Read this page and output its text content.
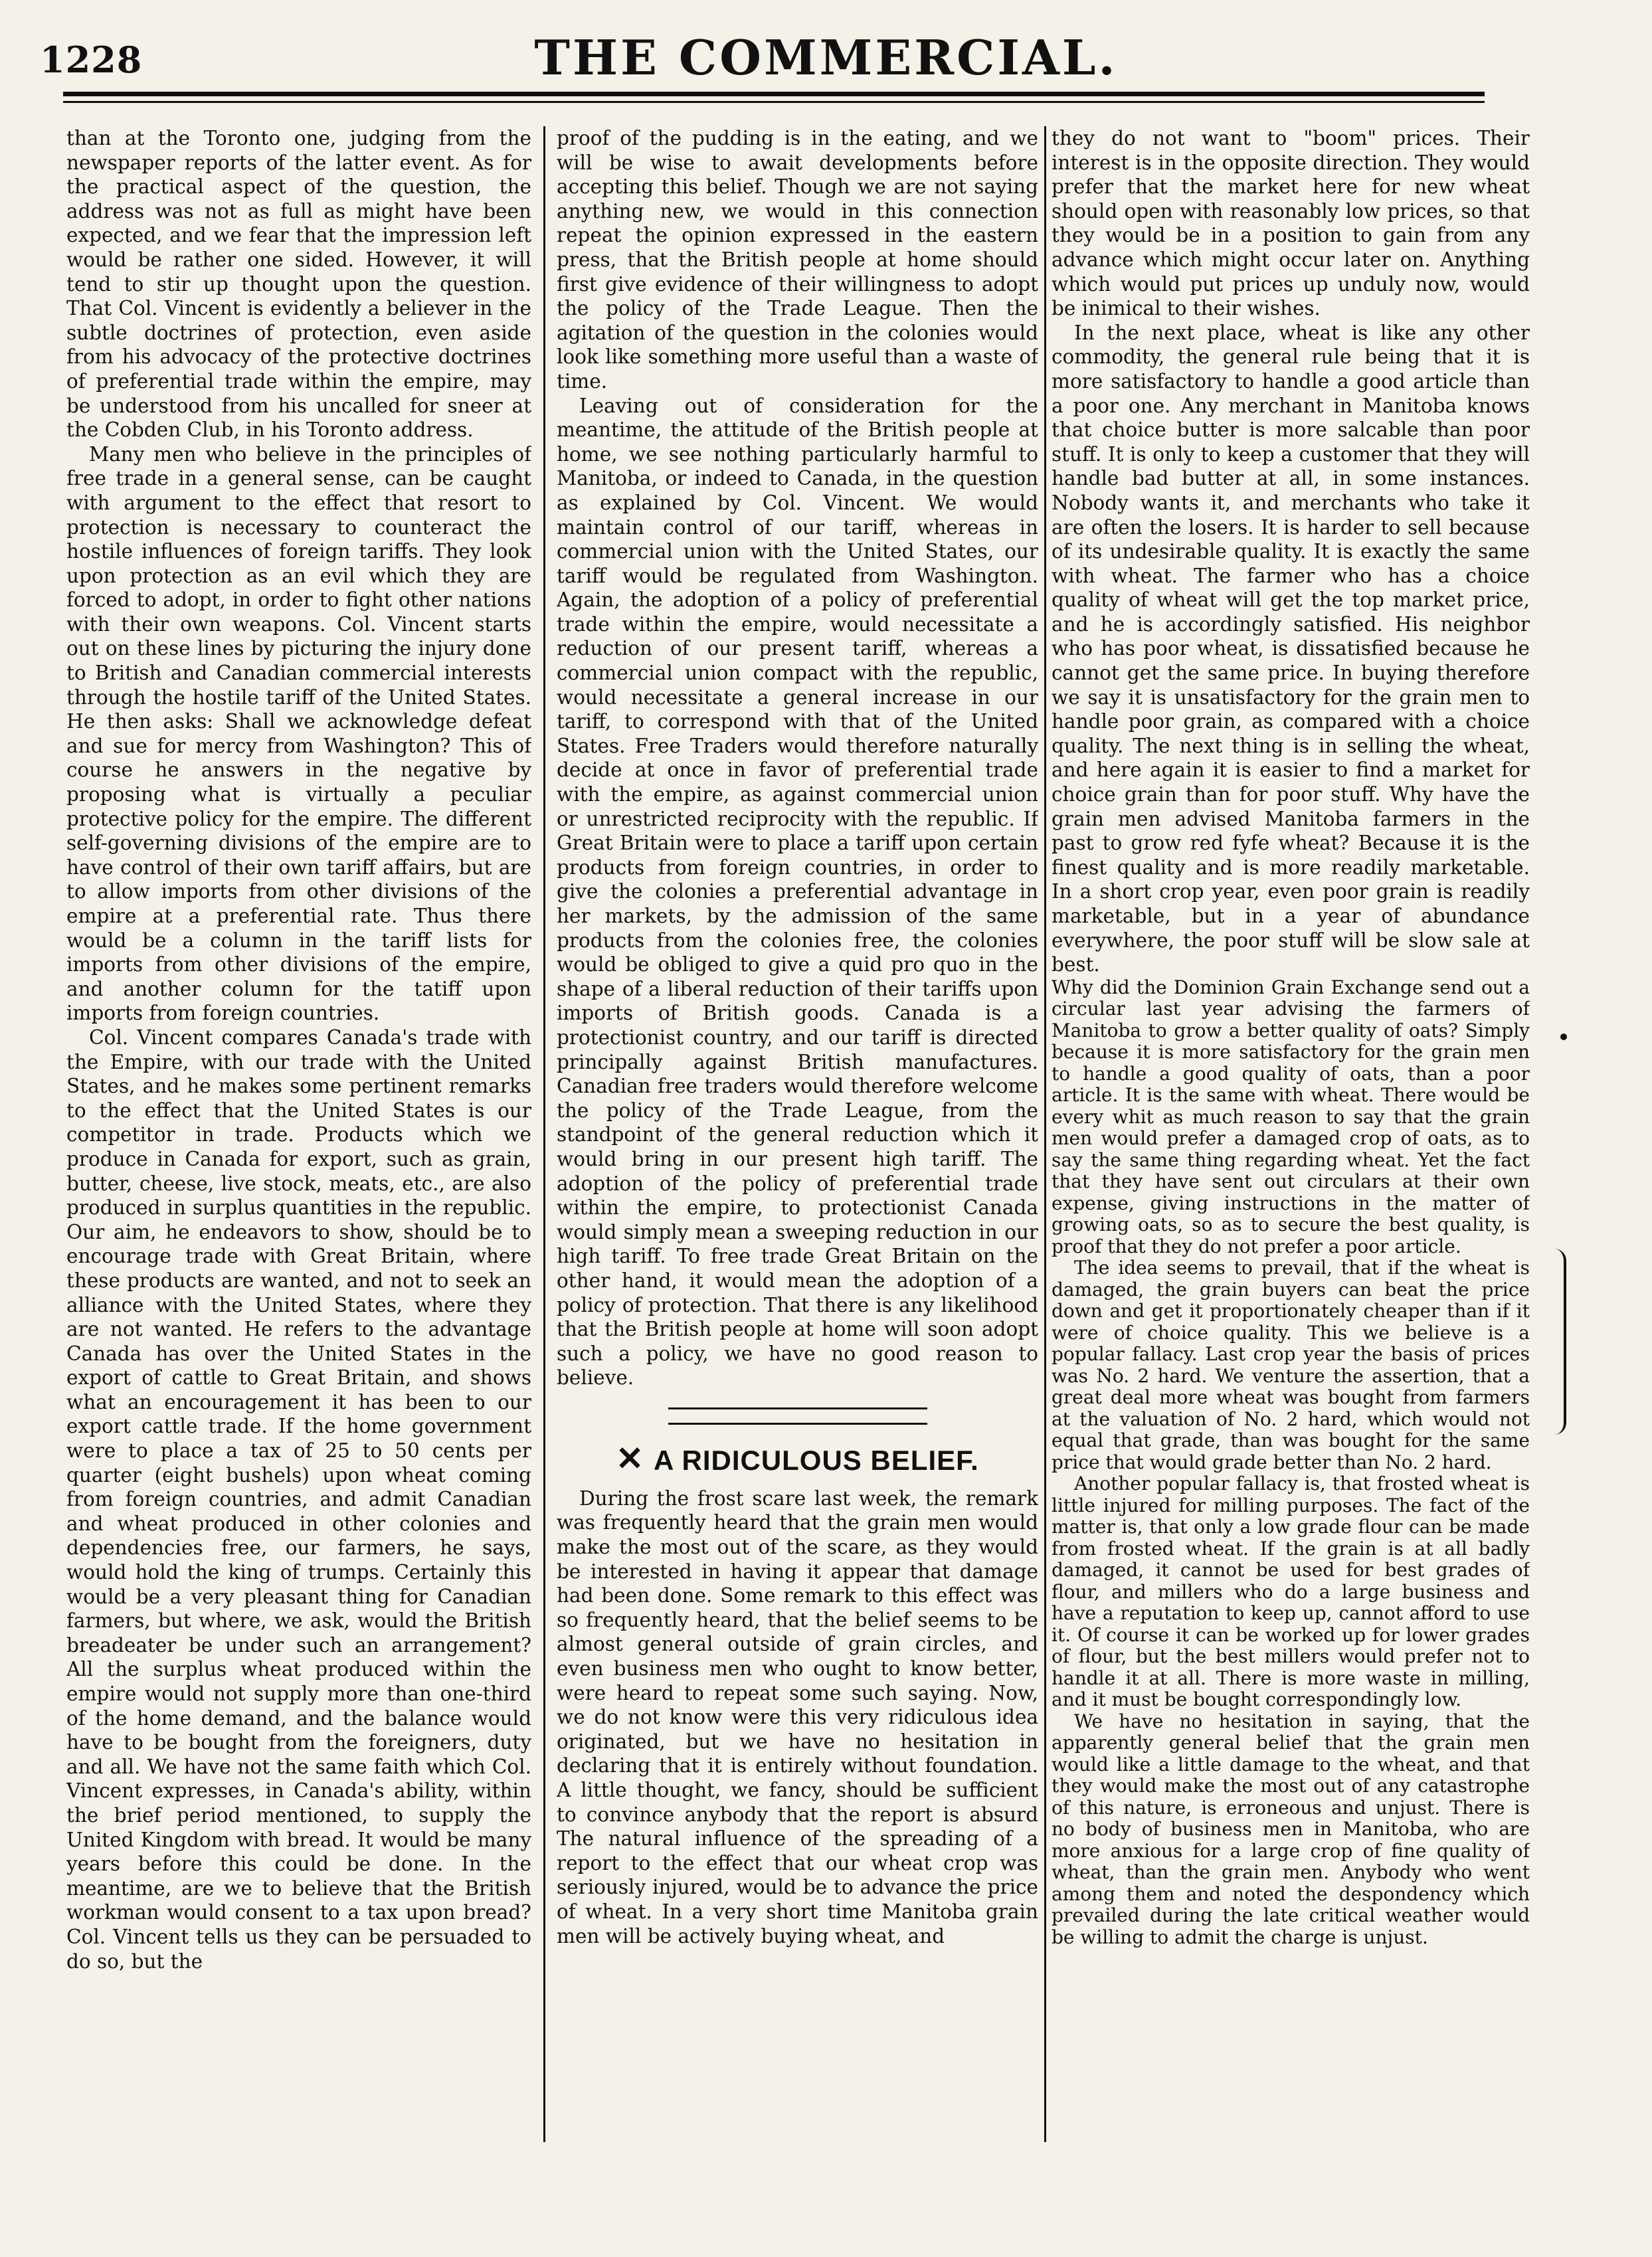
1228	THE COMMERCIAL.

than at the Toronto one, judging from the newspaper reports of the latter event. As for the practical aspect of the question, the address was not as full as might have been expected, and we fear that the impression left would be rather one sided. However, it will tend to stir up thought upon the question. That Col. Vincent is evidently a believer in the subtle doctrines of protection, even aside from his advocacy of the protective doctrines of preferential trade within the empire, may be understood from his uncalled for sneer at the Cobden Club, in his Toronto address.

Many men who believe in the principles of free trade in a general sense, can be caught with argument to the effect that resort to protection is necessary to counteract the hostile influences of foreign tariffs. They look upon protection as an evil which they are forced to adopt, in order to fight other nations with their own weapons. Col. Vincent starts out on these lines by picturing the injury done to British and Canadian commercial interests through the hostile tariff of the United States. He then asks: Shall we acknowledge defeat and sue for mercy from Washington? This of course he answers in the negative by proposing what is virtually a peculiar protective policy for the empire. The different self-governing divisions of the empire are to have control of their own tariff affairs, but are to allow imports from other divisions of the empire at a preferential rate. Thus there would be a column in the tariff lists for imports from other divisions of the empire, and another column for the tatiff upon imports from foreign countries.

Col. Vincent compares Canada's trade with the Empire, with our trade with the United States, and he makes some pertinent remarks to the effect that the United States is our competitor in trade. Products which we produce in Canada for export, such as grain, butter, cheese, live stock, meats, etc., are also produced in surplus quantities in the republic. Our aim, he endeavors to show, should be to encourage trade with Great Britain, where these products are wanted, and not to seek an alliance with the United States, where they are not wanted. He refers to the advantage Canada has over the United States in the export of cattle to Great Britain, and shows what an encouragement it has been to our export cattle trade. If the home government were to place a tax of 25 to 50 cents per quarter (eight bushels) upon wheat coming from foreign countries, and admit Canadian and wheat produced in other colonies and dependencies free, our farmers, he says, would hold the king of trumps. Certainly this would be a very pleasant thing for Canadian farmers, but where, we ask, would the British breadeater be under such an arrangement? All the surplus wheat produced within the empire would not supply more than one-third of the home demand, and the balance would have to be bought from the foreigners, duty and all. We have not the same faith which Col. Vincent expresses, in Canada's ability, within the brief period mentioned, to supply the United Kingdom with bread. It would be many years before this could be done. In the meantime, are we to believe that the British workman would consent to a tax upon bread? Col. Vincent tells us they can be persuaded to do so, but the

proof of the pudding is in the eating, and we will be wise to await developments before accepting this belief. Though we are not saying anything new, we would in this connection repeat the opinion expressed in the eastern press, that the British people at home should first give evidence of their willingness to adopt the policy of the Trade League. Then the agitation of the question in the colonies would look like something more useful than a waste of time.

Leaving out of consideration for the meantime, the attitude of the British people at home, we see nothing particularly harmful to Manitoba, or indeed to Canada, in the question as explained by Col. Vincent. We would maintain control of our tariff, whereas in commercial union with the United States, our tariff would be regulated from Washington. Again, the adoption of a policy of preferential trade within the empire, would necessitate a reduction of our present tariff, whereas a commercial union compact with the republic, would necessitate a general increase in our tariff, to correspond with that of the United States. Free Traders would therefore naturally decide at once in favor of preferential trade with the empire, as against commercial union or unrestricted reciprocity with the republic. If Great Britain were to place a tariff upon certain products from foreign countries, in order to give the colonies a preferential advantage in her markets, by the admission of the same products from the colonies free, the colonies would be obliged to give a quid pro quo in the shape of a liberal reduction of their tariffs upon imports of British goods. Canada is a protectionist country, and our tariff is directed principally against British manufactures. Canadian free traders would therefore welcome the policy of the Trade League, from the standpoint of the general reduction which it would bring in our present high tariff. The adoption of the policy of preferential trade within the empire, to protectionist Canada would simply mean a sweeping reduction in our high tariff. To free trade Great Britain on the other hand, it would mean the adoption of a policy of protection. That there is any likelihood that the British people at home will soon adopt such a policy, we have no good reason to believe.

✕ A RIDICULOUS BELIEF.

During the frost scare last week, the remark was frequently heard that the grain men would make the most out of the scare, as they would be interested in having it appear that damage had been done. Some remark to this effect was so frequently heard, that the belief seems to be almost general outside of grain circles, and even business men who ought to know better, were heard to repeat some such saying. Now, we do not know were this very ridiculous idea originated, but we have no hesitation in declaring that it is entirely without foundation. A little thought, we fancy, should be sufficient to convince anybody that the report is absurd The natural influence of the spreading of a report to the effect that our wheat crop was seriously injured, would be to advance the price of wheat. In a very short time Manitoba grain men will be actively buying wheat, and

they do not want to "boom" prices. Their interest is in the opposite direction. They would prefer that the market here for new wheat should open with reasonably low prices, so that they would be in a position to gain from any advance which might occur later on. Anything which would put prices up unduly now, would be inimical to their wishes.

In the next place, wheat is like any other commodity, the general rule being that it is more satisfactory to handle a good article than a poor one. Any merchant in Manitoba knows that choice butter is more salcable than poor stuff. It is only to keep a customer that they will handle bad butter at all, in some instances. Nobody wants it, and merchants who take it are often the losers. It is harder to sell because of its undesirable quality. It is exactly the same with wheat. The farmer who has a choice quality of wheat will get the top market price, and he is accordingly satisfied. His neighbor who has poor wheat, is dissatisfied because he cannot get the same price. In buying therefore we say it is unsatisfactory for the grain men to handle poor grain, as compared with a choice quality. The next thing is in selling the wheat, and here again it is easier to find a market for choice grain than for poor stuff. Why have the grain men advised Manitoba farmers in the past to grow red fyfe wheat? Because it is the finest quality and is more readily marketable. In a short crop year, even poor grain is readily marketable, but in a year of abundance everywhere, the poor stuff will be slow sale at best.

Why did the Dominion Grain Exchange send out a circular last year advising the farmers of Manitoba to grow a better quality of oats? Simply because it is more satisfactory for the grain men to handle a good quality of oats, than a poor article. It is the same with wheat. There would be every whit as much reason to say that the grain men would prefer a damaged crop of oats, as to say the same thing regarding wheat. Yet the fact that they have sent out circulars at their own expense, giving instructions in the matter of growing oats, so as to secure the best quality, is proof that they do not prefer a poor article.

The idea seems to prevail, that if the wheat is damaged, the grain buyers can beat the price down and get it proportionately cheaper than if it were of choice quality. This we believe is a popular fallacy. Last crop year the basis of prices was No. 2 hard. We venture the assertion, that a great deal more wheat was bought from farmers at the valuation of No. 2 hard, which would not equal that grade, than was bought for the same price that would grade better than No. 2 hard.

Another popular fallacy is, that frosted wheat is little injured for milling purposes. The fact of the matter is, that only a low grade flour can be made from frosted wheat. If the grain is at all badly damaged, it cannot be used for best grades of flour, and millers who do a large business and have a reputation to keep up, cannot afford to use it. Of course it can be worked up for lower grades of flour, but the best millers would prefer not to handle it at all. There is more waste in milling, and it must be bought correspondingly low.

We have no hesitation in saying, that the apparently general belief that the grain men would like a little damage to the wheat, and that they would make the most out of any catastrophe of this nature, is erroneous and unjust. There is no body of business men in Manitoba, who are more anxious for a large crop of fine quality of wheat, than the grain men. Anybody who went among them and noted the despondency which prevailed during the late critical weather would be willing to admit the charge is unjust.
